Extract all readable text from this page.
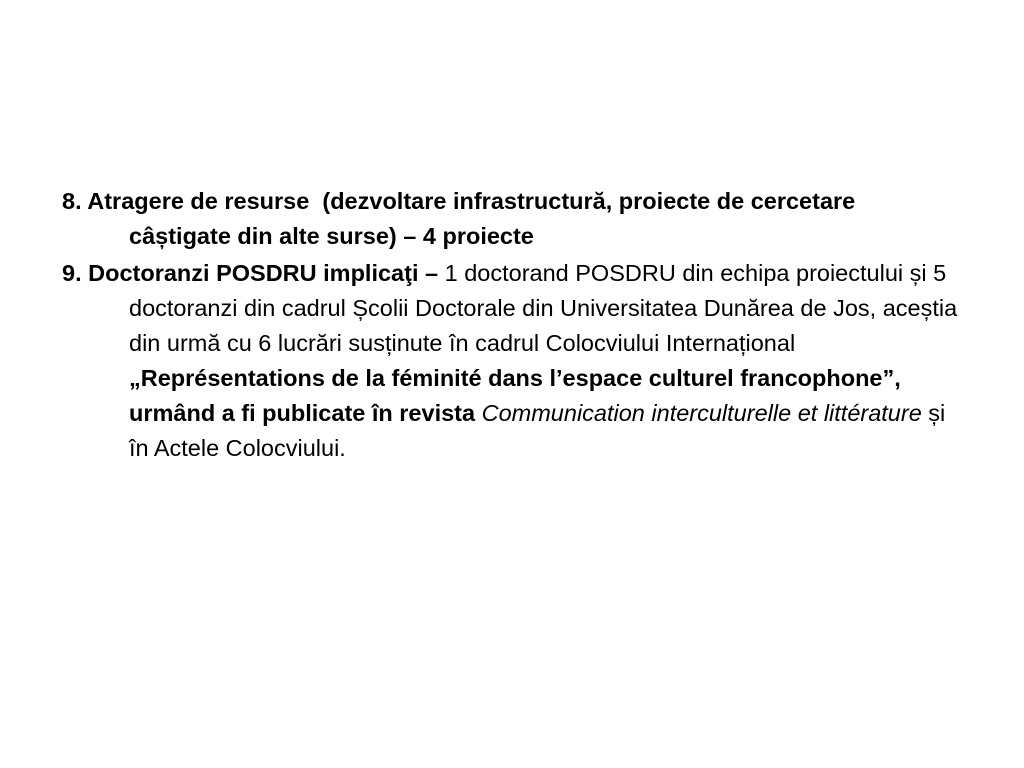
8. Atragere de resurse  (dezvoltare infrastructură, proiecte de cercetare câștigate din alte surse) – 4 proiecte

9. Doctoranzi POSDRU implicaţi – 1 doctorand POSDRU din echipa proiectului și 5 doctoranzi din cadrul Școlii Doctorale din Universitatea Dunărea de Jos, aceștia din urmă cu 6 lucrări susținute în cadrul Colocviului Internațional „Représentations de la féminité dans l’espace culturel francophone”, urmând a fi publicate în revista Communication interculturelle et littérature și în Actele Colocviului.
